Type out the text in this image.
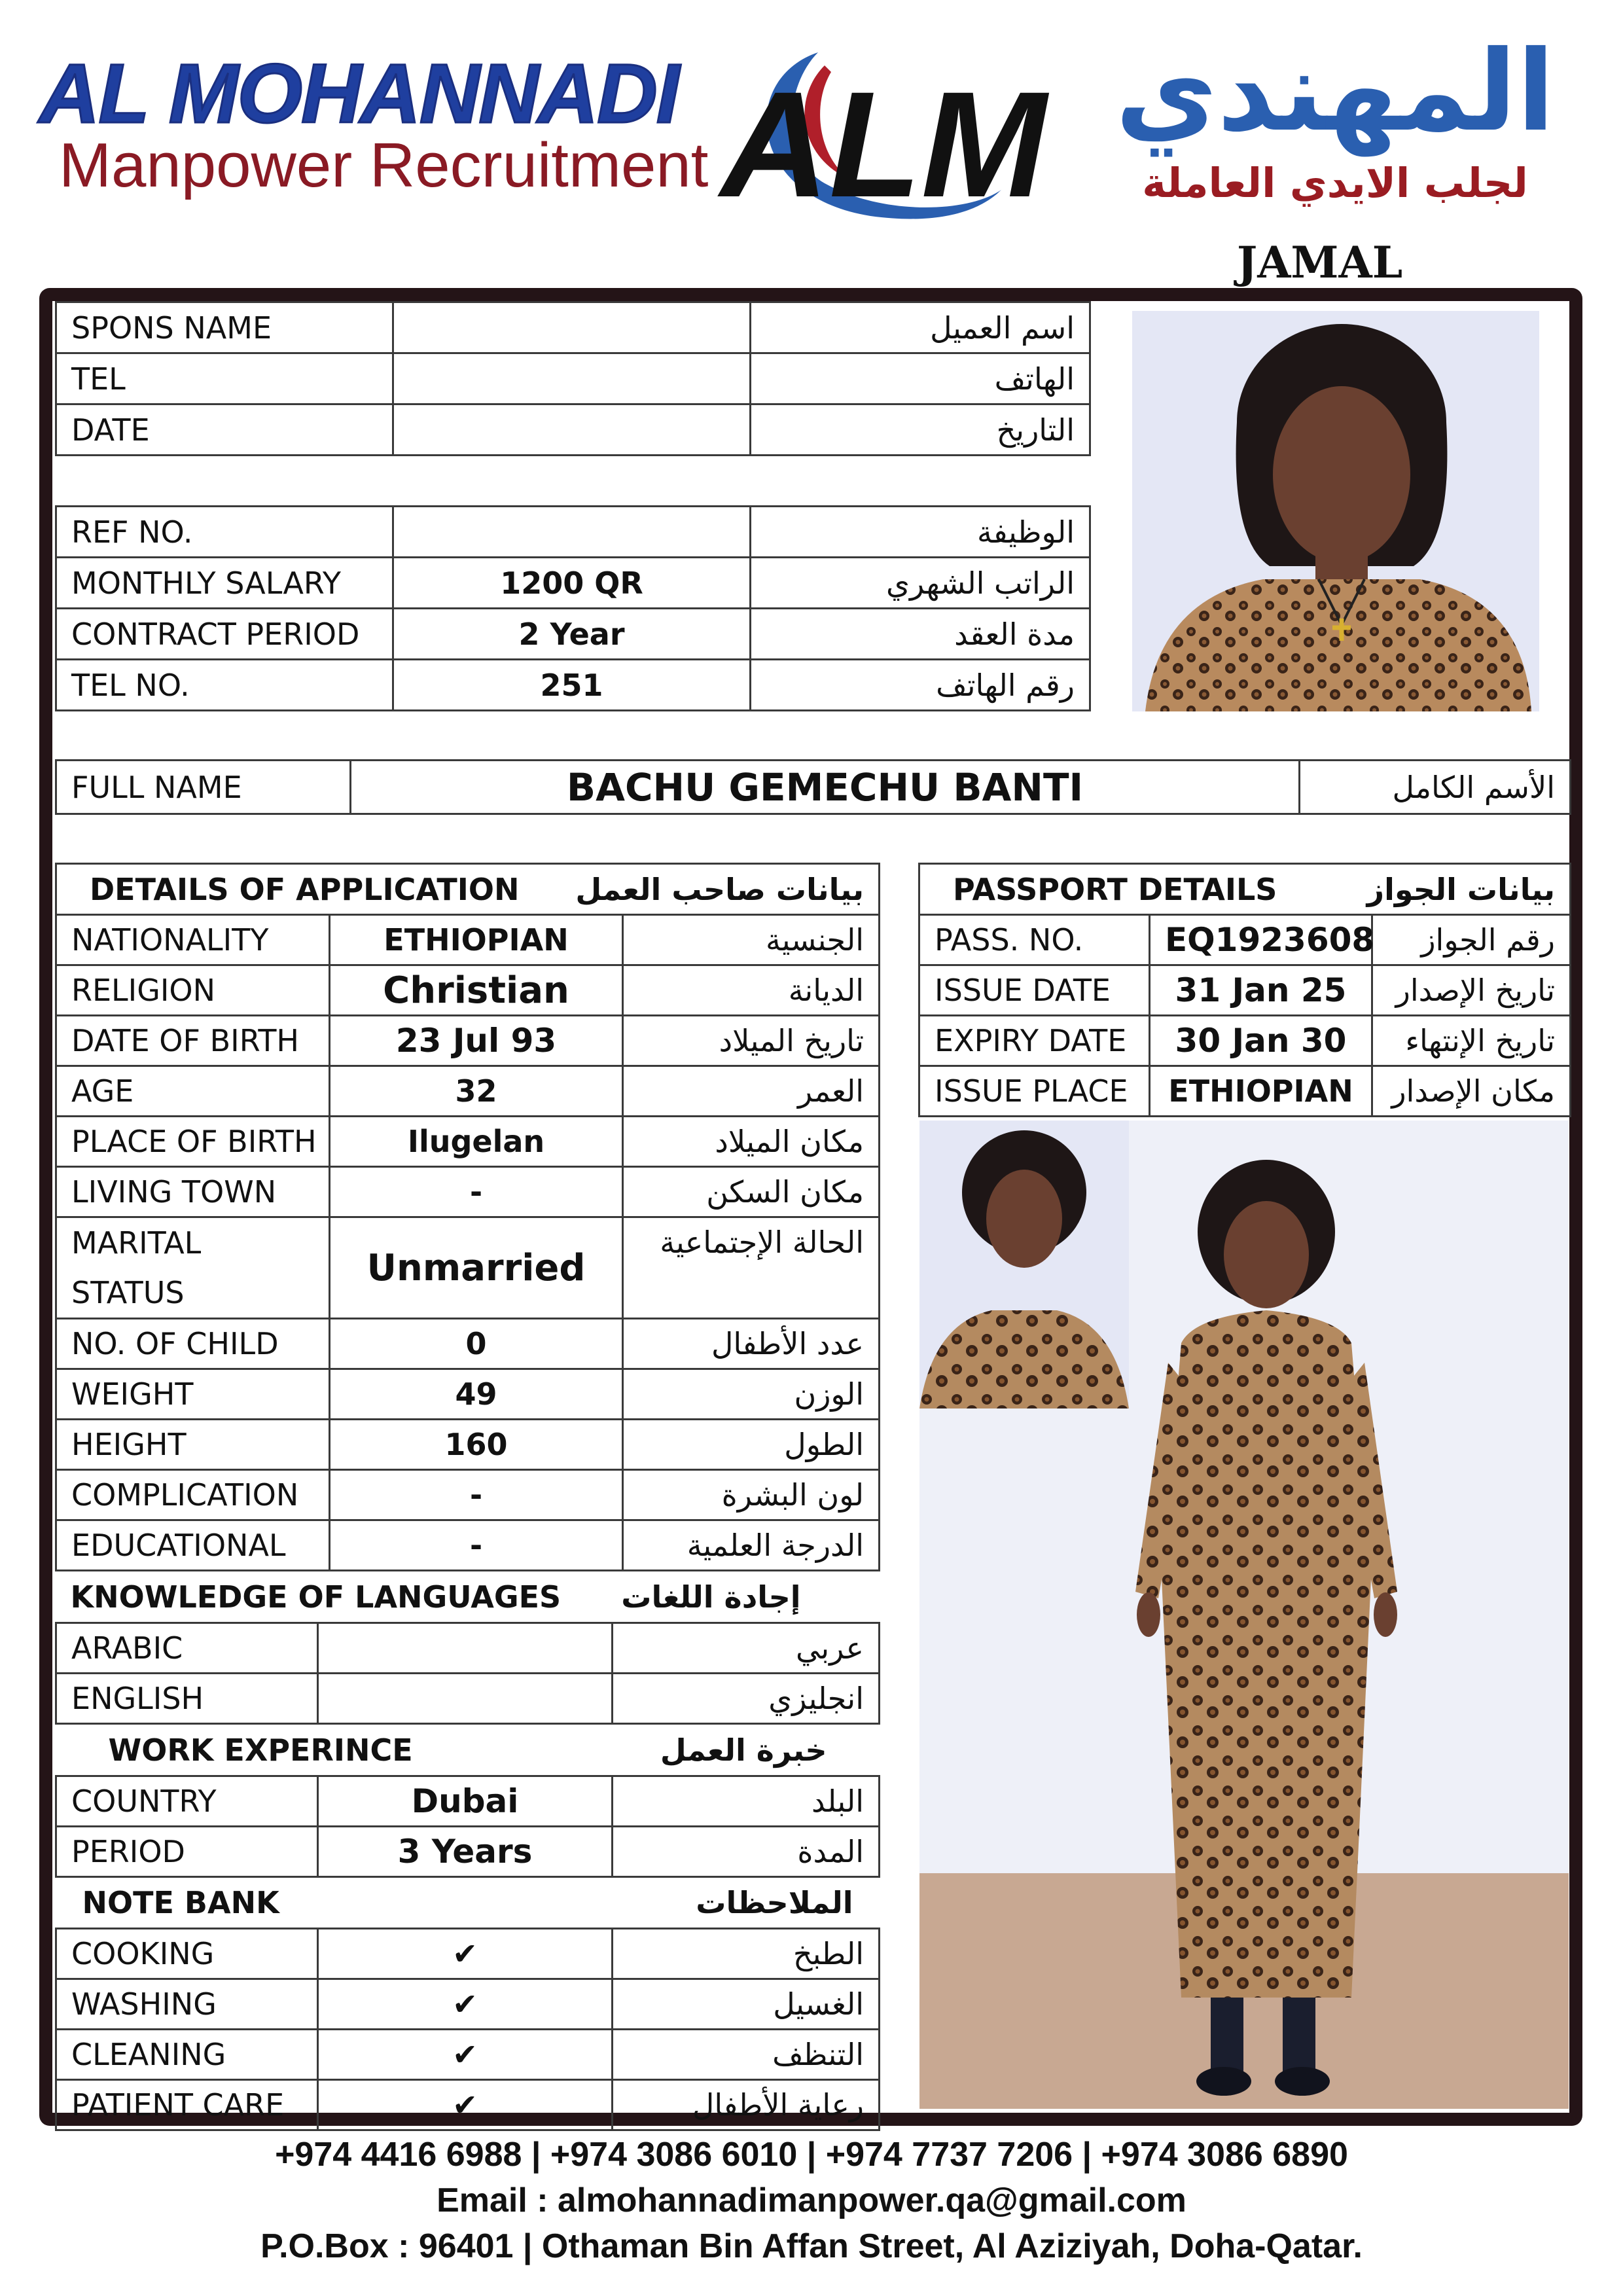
AL MOHANNADI
Manpower Recruitment ALM المهندي
لجلب الايدي العاملة
JAMAL
SPONS NAME		اسم العميل
TEL		الهاتف
DATE		التاريخ
REF NO.		الوظيفة
MONTHLY SALARY	1200 QR	الراتب الشهري
CONTRACT PERIOD	2 Year	مدة العقد
TEL NO.	251	رقم الهاتف
FULL NAME	BACHU GEMECHU BANTI	الأسم الكامل
DETAILS OF APPLICATION		بيانات صاحب العمل
NATIONALITY	ETHIOPIAN	الجنسية
RELIGION	Christian	الديانة
DATE OF BIRTH	23 Jul 93	تاريخ الميلاد
AGE	32	العمر
PLACE OF BIRTH	Ilugelan	مكان الميلاد
LIVING TOWN	-	مكان السكن
MARITAL STATUS	Unmarried	الحالة الإجتماعية
NO. OF CHILD	0	عدد الأطفال
WEIGHT	49	الوزن
HEIGHT	160	الطول
COMPLICATION	-	لون البشرة
EDUCATIONAL	-	الدرجة العلمية
KNOWLEDGE OF LANGUAGES		إجادة اللغات
ARABIC		عربي
ENGLISH		انجليزي
WORK EXPERINCE		خبرة العمل
COUNTRY	Dubai	البلد
PERIOD	3 Years	المدة
NOTE BANK		الملاحظات
COOKING	✔	الطبخ
WASHING	✔	الغسيل
CLEANING	✔	التنظف
PATIENT CARE	✔	رعاية الأطفال
PASSPORT DETAILS		بيانات الجواز
PASS. NO.	EQ1923608	رقم الجواز
ISSUE DATE	31 Jan 25	تاريخ الإصدار
EXPIRY DATE	30 Jan 30	تاريخ الإنتهاء
ISSUE PLACE	ETHIOPIAN	مكان الإصدار
+974 4416 6988 | +974 3086 6010 | +974 7737 7206 | +974 3086 6890
Email : almohannadimanpower.qa@gmail.com
P.O.Box : 96401 | Othaman Bin Affan Street, Al Aziziyah, Doha-Qatar.
